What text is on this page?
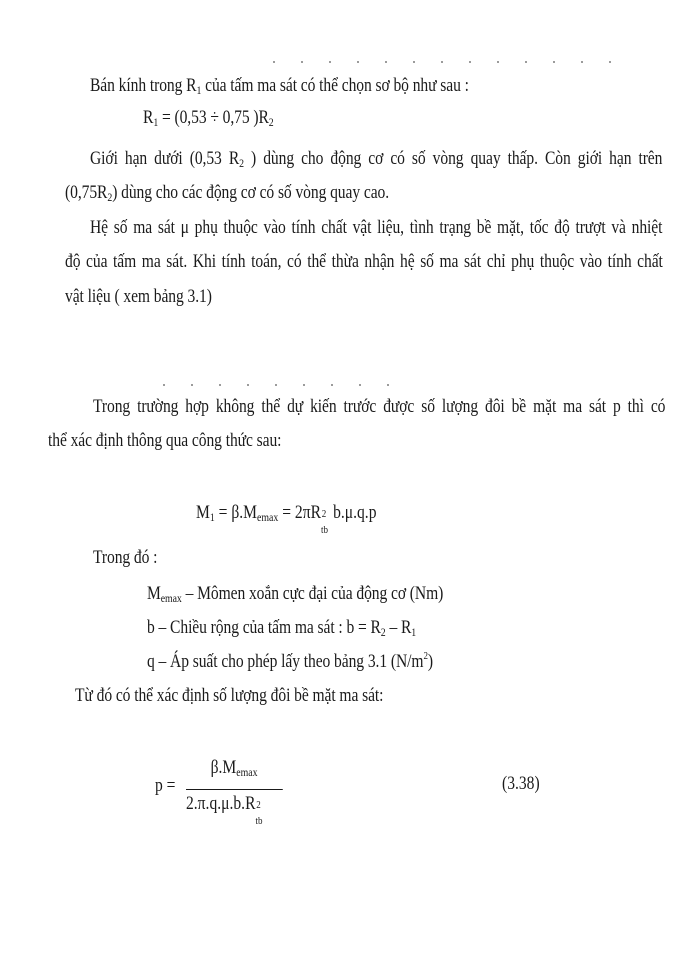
Bán kính trong $R_1$ của tấm ma sát có thể chọn sơ bộ như sau :
$R_1 = (0,53 \div 0,75$ )$R_2$
Giới hạn dưới (0,53 $R_2$ ) dùng cho động cơ có số vòng quay thấp. Còn giới hạn trên
$(0,75R_2)$ dùng cho các động cơ có số vòng quay cao.
Hệ số ma sát μ phụ thuộc vào tính chất vật liệu, tình trạng bề mặt, tốc độ trượt và nhiệt
độ của tấm ma sát. Khi tính toán, có thể thừa nhận hệ số ma sát chỉ phụ thuộc vào tính chất
vật liệu ( xem bảng 3.1)
Trong trường hợp không thể dự kiến trước được số lượng đôi bề mặt ma sát p thì có
thể xác định thông qua công thức sau:
$M_1 = \beta.M_{emax} = 2\pi R$ 2
tb
b.μ.q.p
Trong đó :
$M_{emax}$ – Mômen xoắn cực đại của động cơ (Nm)
b – Chiều rộng của tấm ma sát : $b = R_2 - R_1$
q – Áp suất cho phép lấy theo bảng 3.1 $(N/m^2)$
Từ đó có thể xác định số lượng đôi bề mặt ma sát:
p =
$\beta.M_{emax}$
2.π.q.μ.b.R 2
tb
(3.38)
